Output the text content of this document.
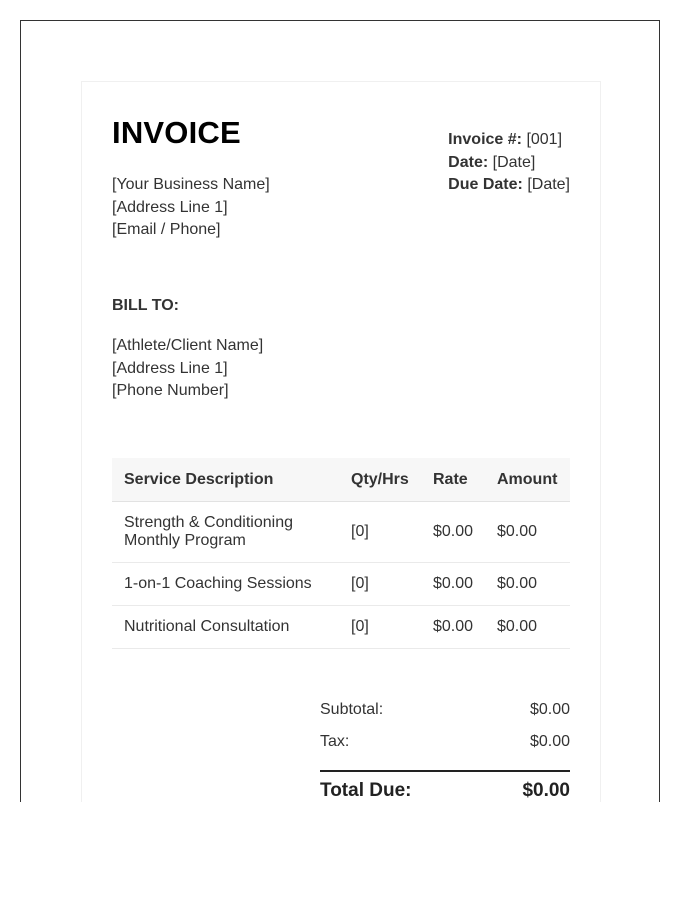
INVOICE
[Your Business Name]
[Address Line 1]
[Email / Phone]
Invoice #: [001]
Date: [Date]
Due Date: [Date]
BILL TO:
[Athlete/Client Name]
[Address Line 1]
[Phone Number]
Service Description	Qty/Hrs	Rate	Amount

Strength & Conditioning
Monthly Program	[0]	$0.00	$0.00
1-on-1 Coaching Sessions	[0]	$0.00	$0.00
Nutritional Consultation	[0]	$0.00	$0.00
Subtotal:	$0.00
Tax:	$0.00
Total Due:	$0.00
